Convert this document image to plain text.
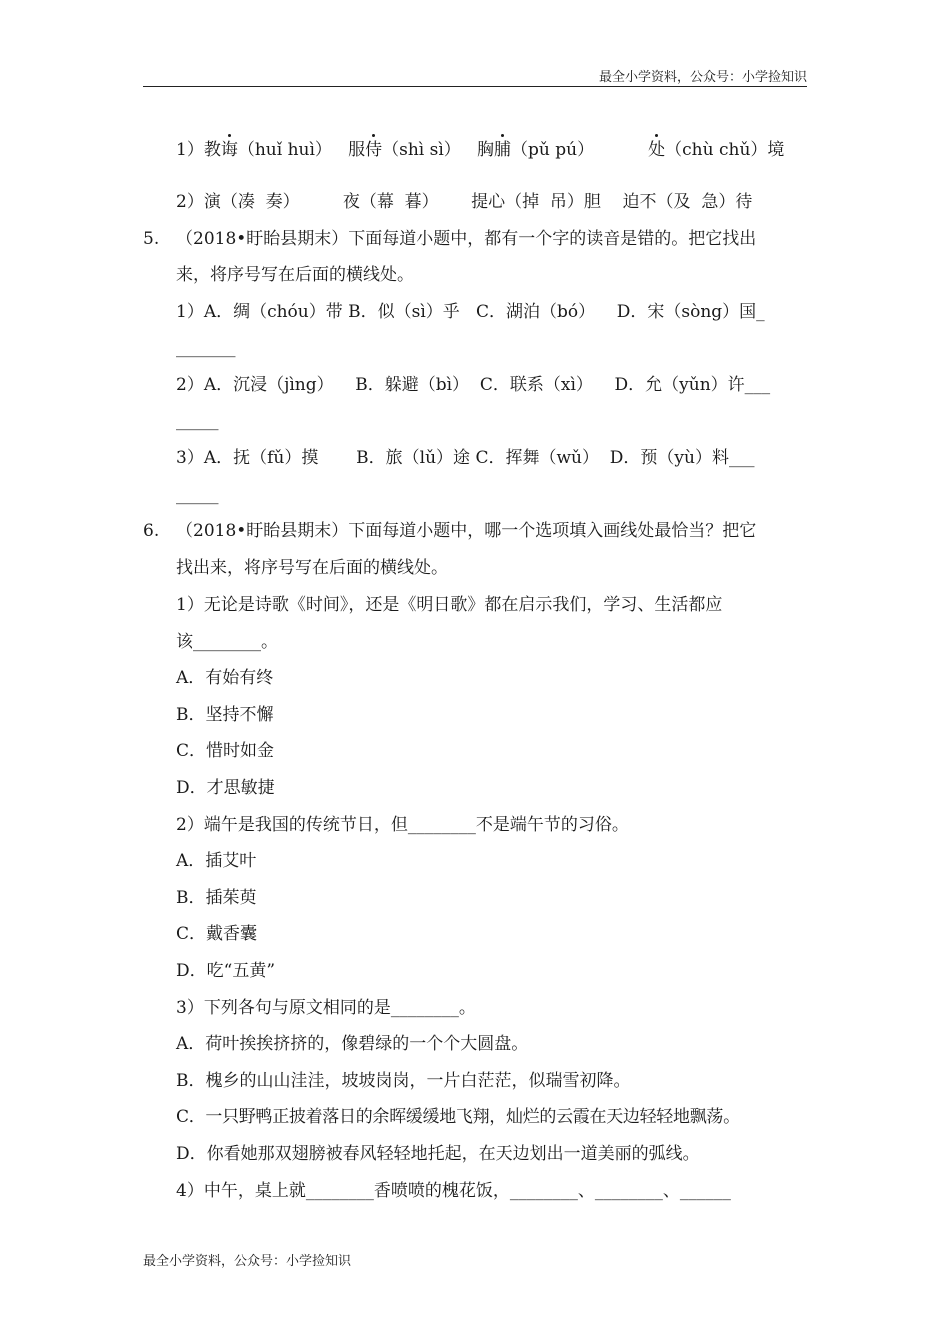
最全小学资料，公众号：小学捡知识
1）教诲（huǐ huì） 服侍（shì sì） 胸脯（pǔ pú）	处（chù chǔ）境
2）演（凑  奏）        夜（幕  暮）      提心（掉  吊）胆    迫不（及  急）待
5. （2018•盱眙县期末）下面每道小题中，都有一个字的读音是错的。把它找出
来，将序号写在后面的横线处。
1）A．绸（chóu）带 B．似（sì）乎   C．湖泊（bó）    D．宋（sòng）国_
_______
2）A．沉浸（jìng）    B．躲避（bì）  C．联系（xì）    D．允（yǔn）许___
_____
3）A．抚（fǔ）摸       B．旅（lǔ）途 C．挥舞（wǔ）  D．预（yù）料___
_____
6. （2018•盱眙县期末）下面每道小题中，哪一个选项填入画线处最恰当？把它
找出来，将序号写在后面的横线处。
1）无论是诗歌《时间》，还是《明日歌》都在启示我们，学习、生活都应
该________。
A．有始有终
B．坚持不懈
C．惜时如金
D．才思敏捷
2）端午是我国的传统节日，但________不是端午节的习俗。
A．插艾叶
B．插茱萸
C．戴香囊
D．吃“五黄”
3）下列各句与原文相同的是________。
A．荷叶挨挨挤挤的，像碧绿的一个个大圆盘。
B．槐乡的山山洼洼，坡坡岗岗，一片白茫茫，似瑞雪初降。
C．一只野鸭正披着落日的余晖缓缓地飞翔，灿烂的云霞在天边轻轻地飘荡。
D．你看她那双翅膀被春风轻轻地托起，在天边划出一道美丽的弧线。
4）中午，桌上就________香喷喷的槐花饭，________、________、______
最全小学资料，公众号：小学捡知识
